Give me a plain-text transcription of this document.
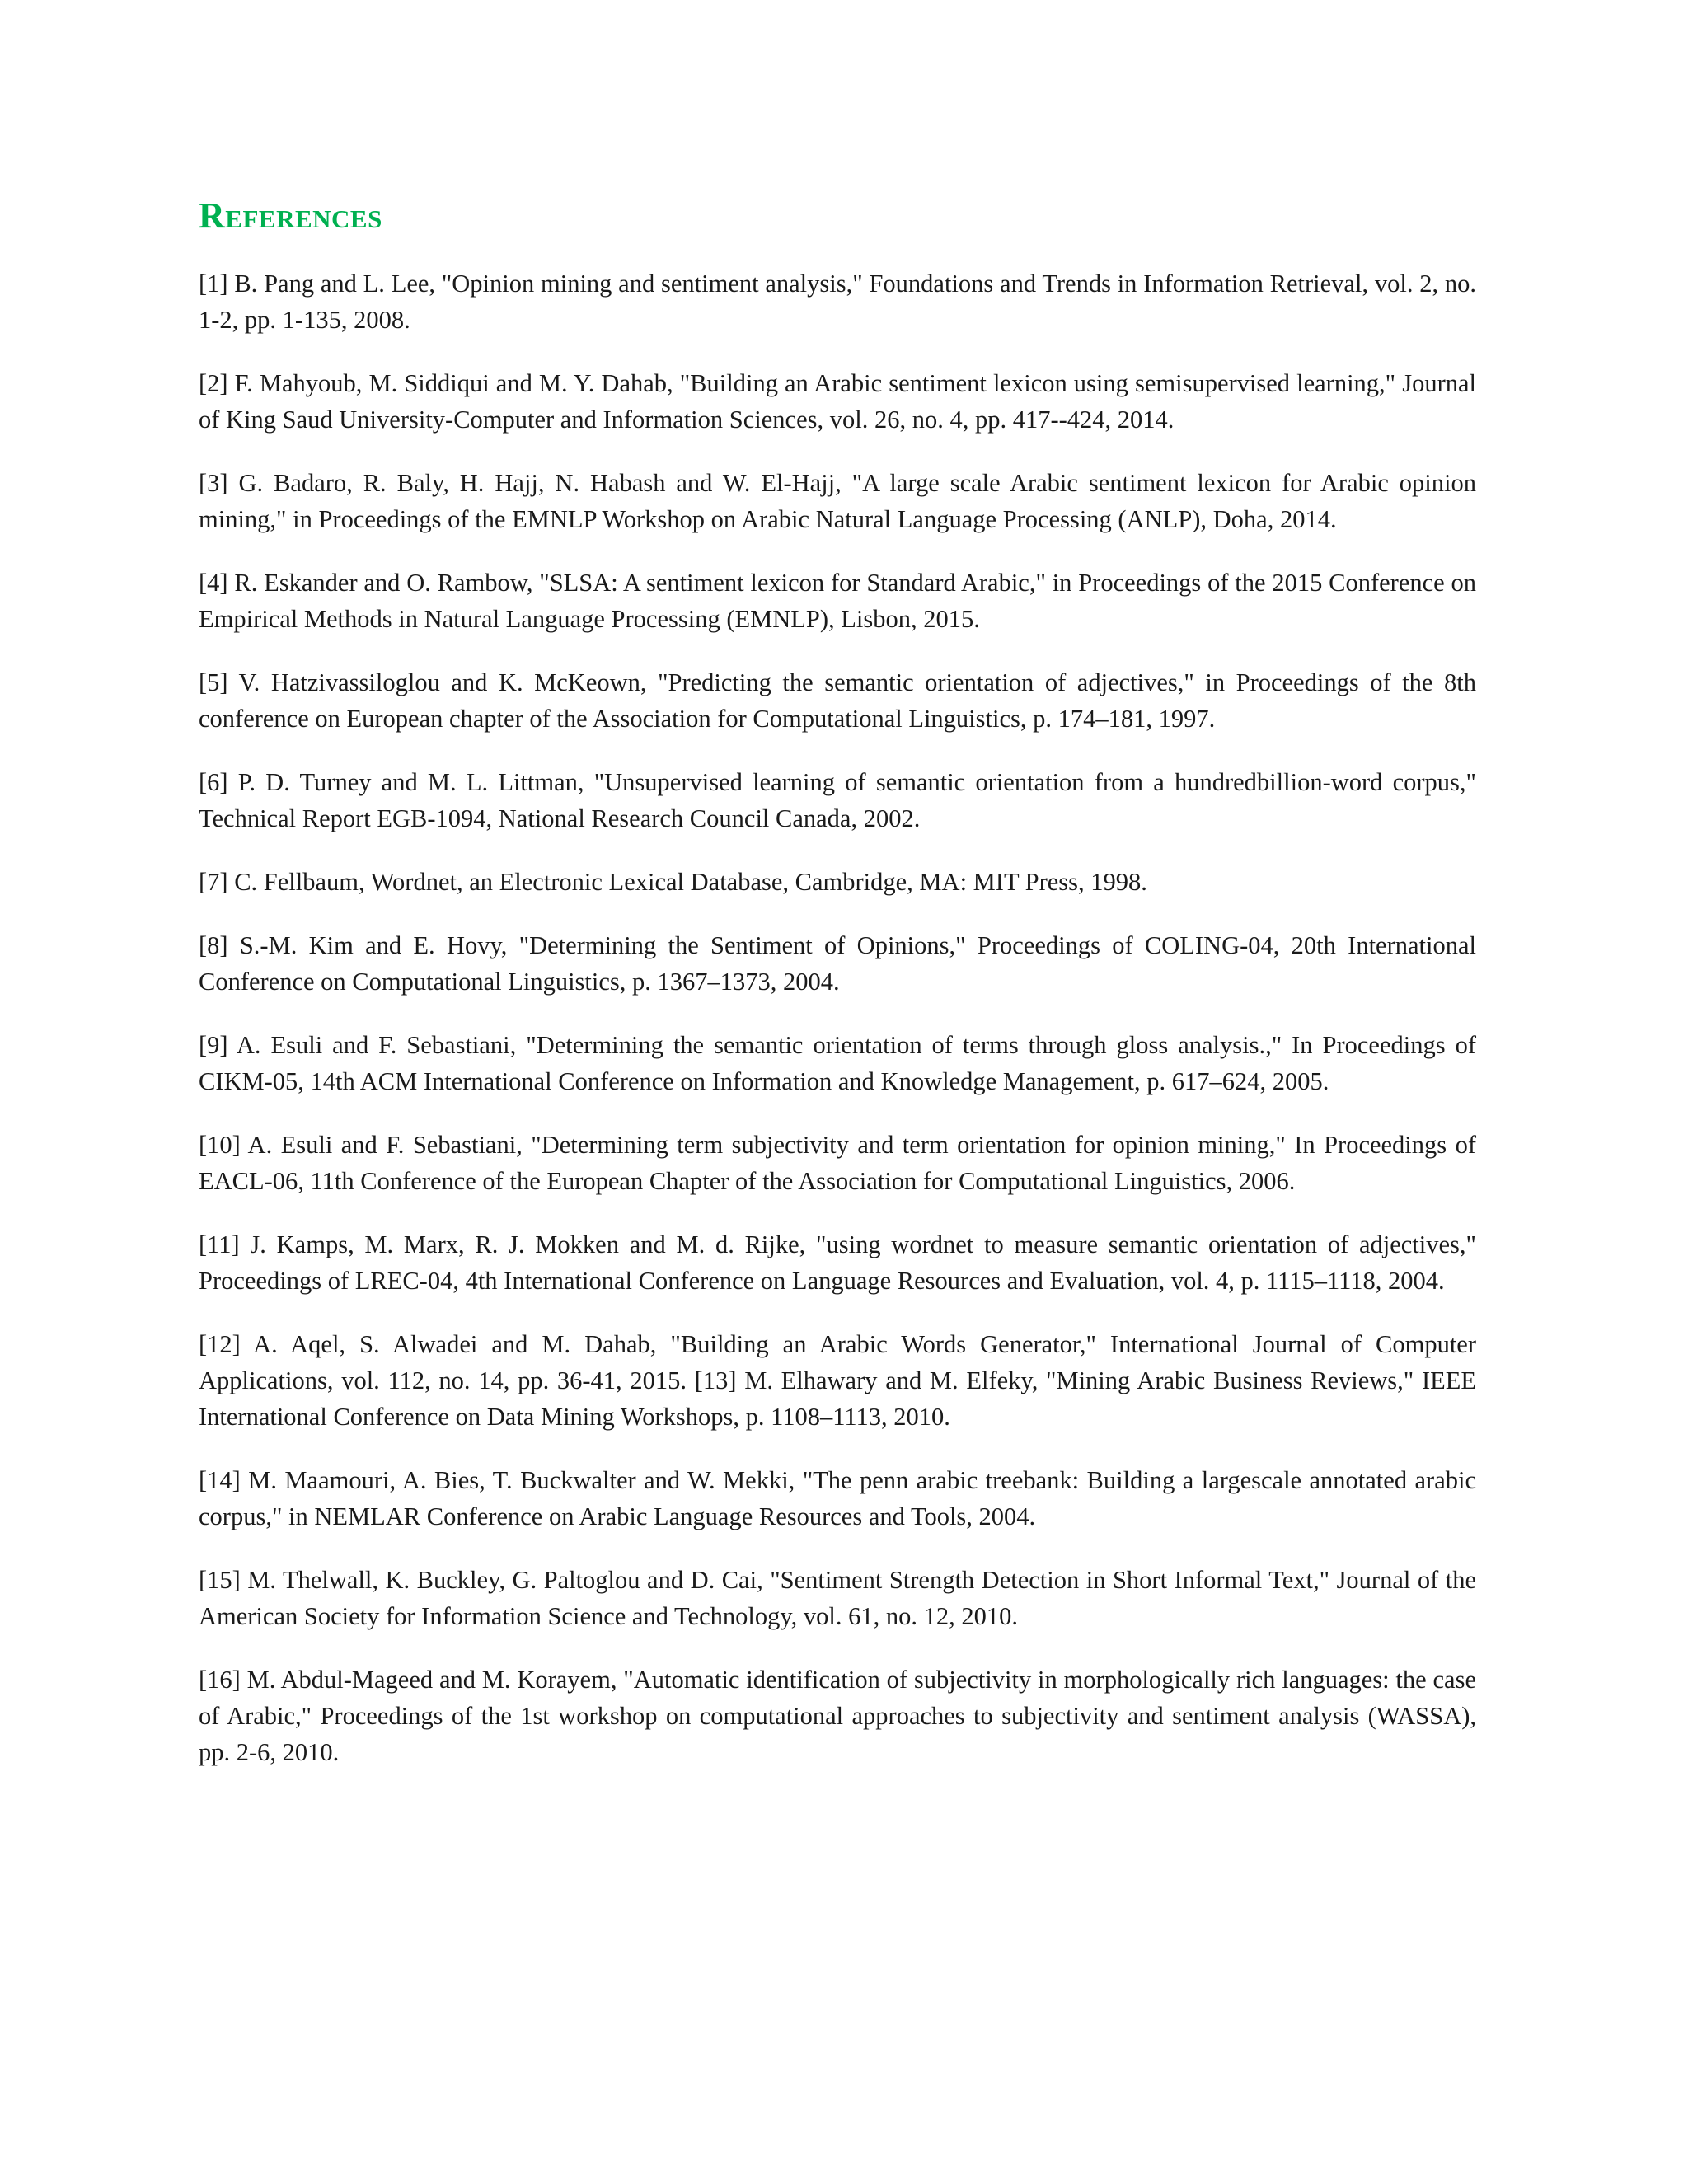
References
[1] B. Pang and L. Lee, "Opinion mining and sentiment analysis," Foundations and Trends in Information Retrieval, vol. 2, no. 1-2, pp. 1-135, 2008.
[2] F. Mahyoub, M. Siddiqui and M. Y. Dahab, "Building an Arabic sentiment lexicon using semisupervised learning," Journal of King Saud University-Computer and Information Sciences, vol. 26, no. 4, pp. 417--424, 2014.
[3] G. Badaro, R. Baly, H. Hajj, N. Habash and W. El-Hajj, "A large scale Arabic sentiment lexicon for Arabic opinion mining," in Proceedings of the EMNLP Workshop on Arabic Natural Language Processing (ANLP), Doha, 2014.
[4] R. Eskander and O. Rambow, "SLSA: A sentiment lexicon for Standard Arabic," in Proceedings of the 2015 Conference on Empirical Methods in Natural Language Processing (EMNLP), Lisbon, 2015.
[5] V. Hatzivassiloglou and K. McKeown, "Predicting the semantic orientation of adjectives," in Proceedings of the 8th conference on European chapter of the Association for Computational Linguistics, p. 174–181, 1997.
[6] P. D. Turney and M. L. Littman, "Unsupervised learning of semantic orientation from a hundredbillion-word corpus," Technical Report EGB-1094, National Research Council Canada, 2002.
[7] C. Fellbaum, Wordnet, an Electronic Lexical Database, Cambridge, MA: MIT Press, 1998.
[8] S.-M. Kim and E. Hovy, "Determining the Sentiment of Opinions," Proceedings of COLING-04, 20th International Conference on Computational Linguistics, p. 1367–1373, 2004.
[9] A. Esuli and F. Sebastiani, "Determining the semantic orientation of terms through gloss analysis.," In Proceedings of CIKM-05, 14th ACM International Conference on Information and Knowledge Management, p. 617–624, 2005.
[10] A. Esuli and F. Sebastiani, "Determining term subjectivity and term orientation for opinion mining," In Proceedings of EACL-06, 11th Conference of the European Chapter of the Association for Computational Linguistics, 2006.
[11] J. Kamps, M. Marx, R. J. Mokken and M. d. Rijke, "using wordnet to measure semantic orientation of adjectives," Proceedings of LREC-04, 4th International Conference on Language Resources and Evaluation, vol. 4, p. 1115–1118, 2004.
[12] A. Aqel, S. Alwadei and M. Dahab, "Building an Arabic Words Generator," International Journal of Computer Applications, vol. 112, no. 14, pp. 36-41, 2015. [13] M. Elhawary and M. Elfeky, "Mining Arabic Business Reviews," IEEE International Conference on Data Mining Workshops, p. 1108–1113, 2010.
[14] M. Maamouri, A. Bies, T. Buckwalter and W. Mekki, "The penn arabic treebank: Building a largescale annotated arabic corpus," in NEMLAR Conference on Arabic Language Resources and Tools, 2004.
[15] M. Thelwall, K. Buckley, G. Paltoglou and D. Cai, "Sentiment Strength Detection in Short Informal Text," Journal of the American Society for Information Science and Technology, vol. 61, no. 12, 2010.
[16] M. Abdul-Mageed and M. Korayem, "Automatic identification of subjectivity in morphologically rich languages: the case of Arabic," Proceedings of the 1st workshop on computational approaches to subjectivity and sentiment analysis (WASSA), pp. 2-6, 2010.
